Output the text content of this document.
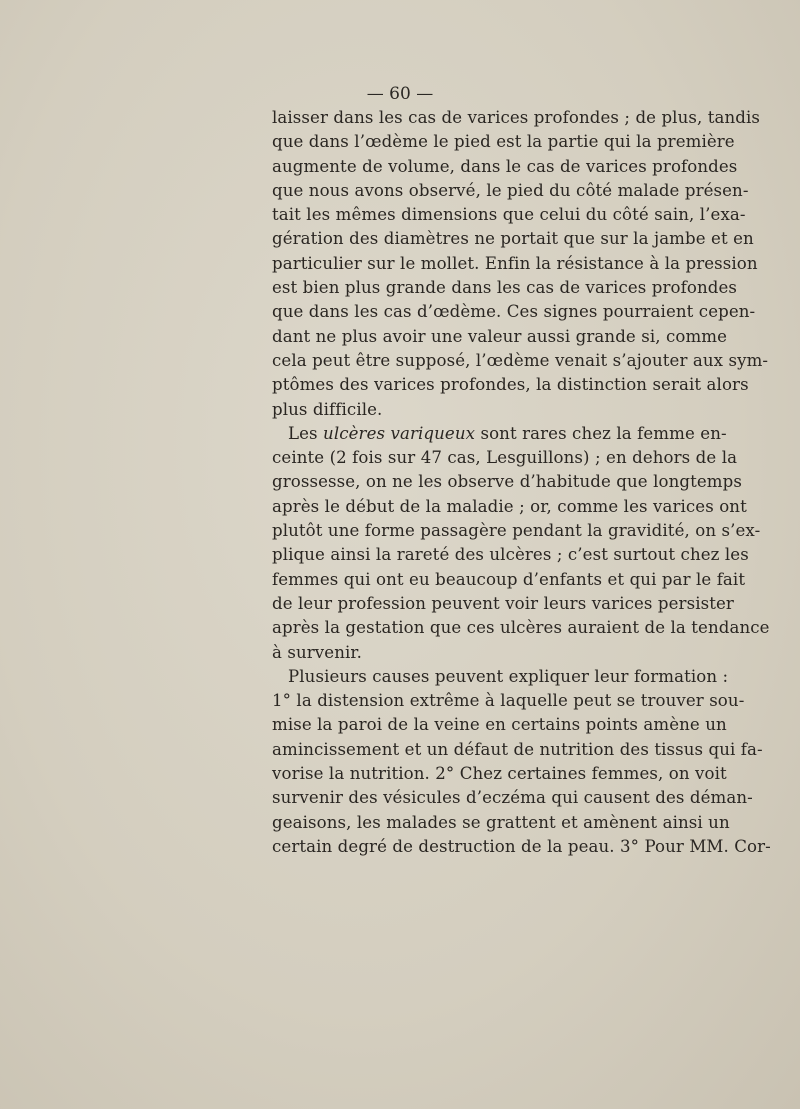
— 60 —
laisser dans les cas de varices profondes ; de plus, tandis
que dans l’œdème le pied est la partie qui la première
augmente de volume, dans le cas de varices profondes
que nous avons observé, le pied du côté malade présen-
tait les mêmes dimensions que celui du côté sain, l’exa-
gération des diamètres ne portait que sur la jambe et en
particulier sur le mollet. Enfin la résistance à la pression
est bien plus grande dans les cas de varices profondes
que dans les cas d’œdème. Ces signes pourraient cepen-
dant ne plus avoir une valeur aussi grande si, comme
cela peut être supposé, l’œdème venait s’ajouter aux sym-
ptômes des varices profondes, la distinction serait alors
plus difficile.
Les ulcères variqueux sont rares chez la femme en-
ceinte (2 fois sur 47 cas, Lesguillons) ; en dehors de la
grossesse, on ne les observe d’habitude que longtemps
après le début de la maladie ; or, comme les varices ont
plutôt une forme passagère pendant la gravidité, on s’ex-
plique ainsi la rareté des ulcères ; c’est surtout chez les
femmes qui ont eu beaucoup d’enfants et qui par le fait
de leur profession peuvent voir leurs varices persister
après la gestation que ces ulcères auraient de la tendance
à survenir.
Plusieurs causes peuvent expliquer leur formation :
1° la distension extrême à laquelle peut se trouver sou-
mise la paroi de la veine en certains points amène un
amincissement et un défaut de nutrition des tissus qui fa-
vorise la nutrition. 2° Chez certaines femmes, on voit
survenir des vésicules d’eczéma qui causent des déman-
geaisons, les malades se grattent et amènent ainsi un
certain degré de destruction de la peau. 3° Pour MM. Cor-
